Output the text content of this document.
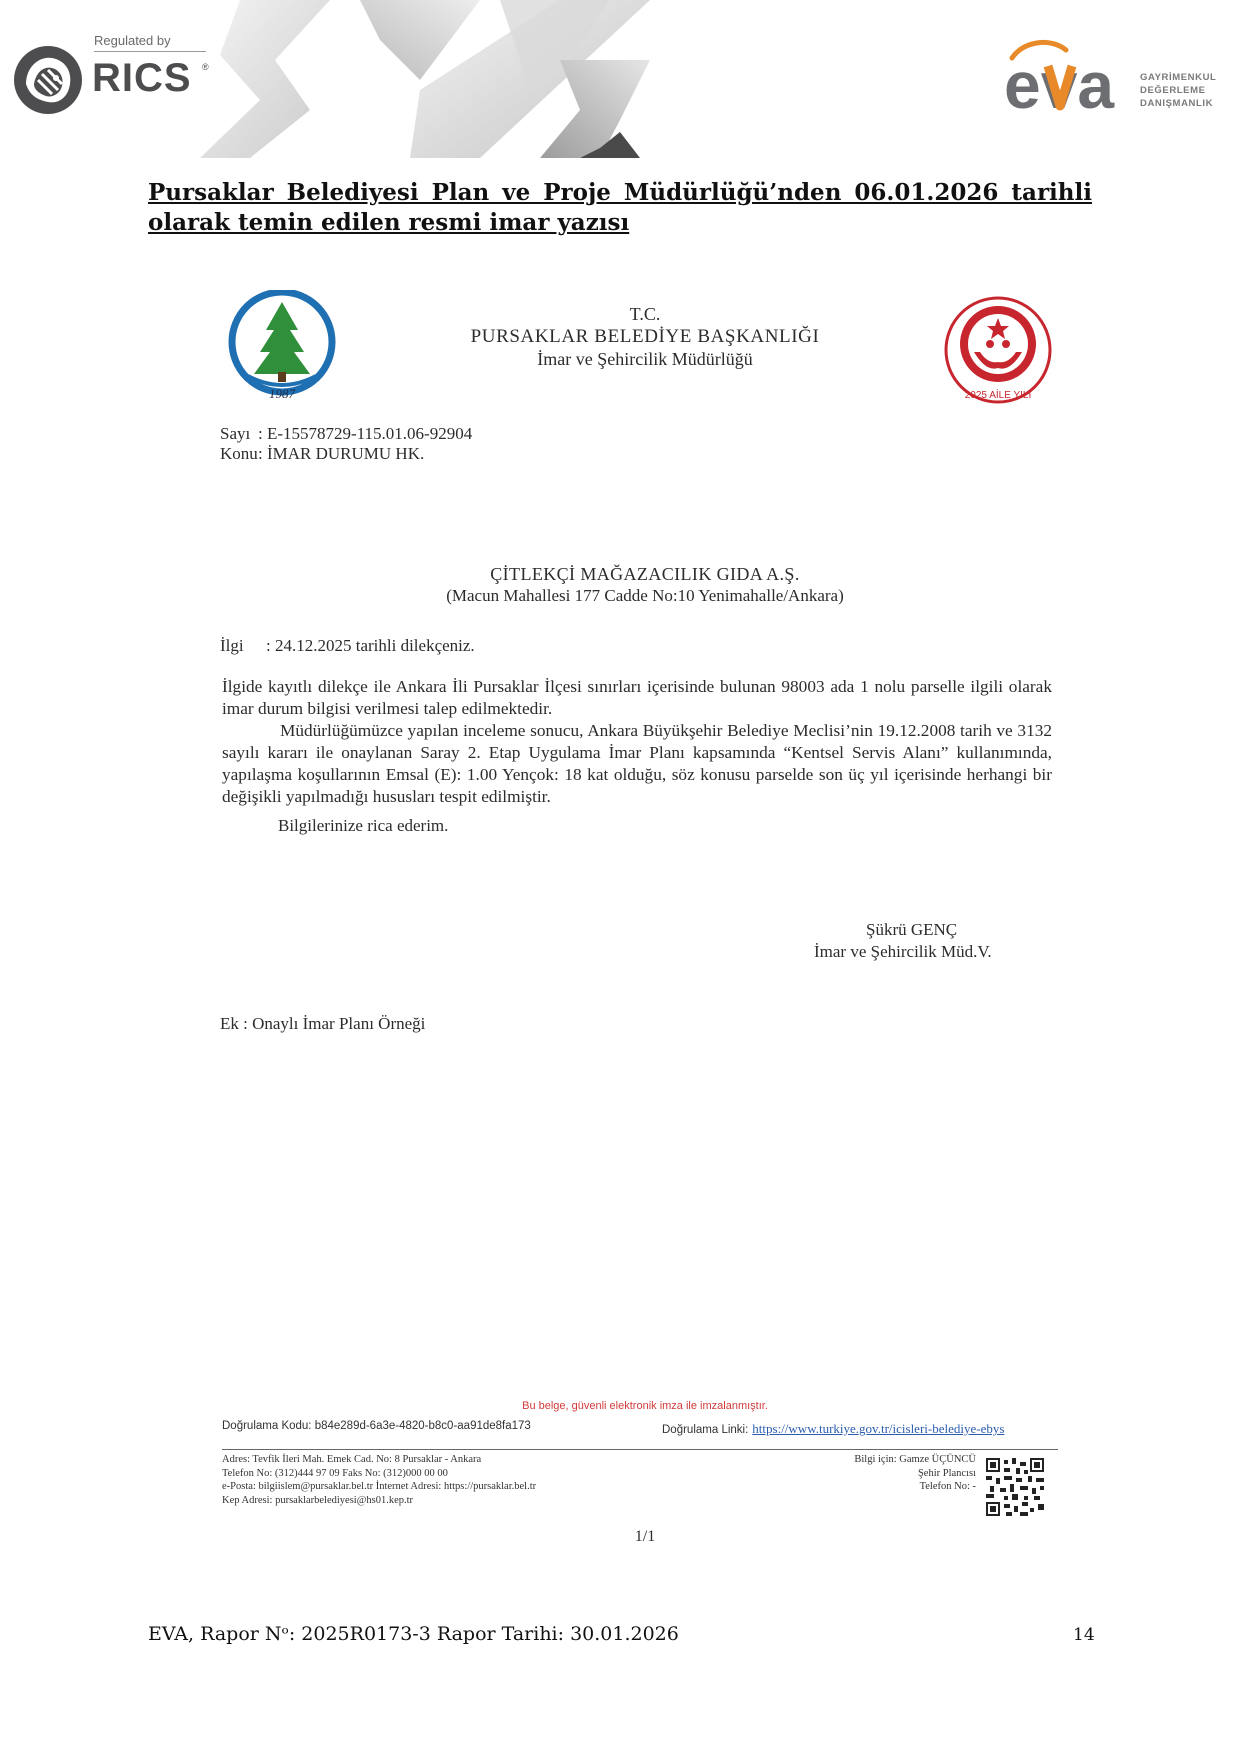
Regulated by
RICS ®	eva	GAYRİMENKUL
DEĞERLEME
DANIŞMANLIK
Pursaklar Belediyesi Plan ve Proje Müdürlüğü’nden 06.01.2026 tarihli olarak temin edilen resmi imar yazısı
1987
T.C.
PURSAKLAR BELEDİYE BAŞKANLIĞI
İmar ve Şehircilik Müdürlüğü
2025 AİLE YILI
Sayı : E-15578729-115.01.06-92904
Konu : İMAR DURUMU HK.
ÇİTLEKÇİ MAĞAZACILIK GIDA A.Ş.
(Macun Mahallesi 177 Cadde No:10 Yenimahalle/Ankara)
İlgi : 24.12.2025 tarihli dilekçeniz.
İlgide kayıtlı dilekçe ile Ankara İli Pursaklar İlçesi sınırları içerisinde bulunan 98003 ada 1 nolu parselle ilgili olarak imar durum bilgisi verilmesi talep edilmektedir.
Müdürlüğümüzce yapılan inceleme sonucu, Ankara Büyükşehir Belediye Meclisi’nin 19.12.2008 tarih ve 3132 sayılı kararı ile onaylanan Saray 2. Etap Uygulama İmar Planı kapsamında “Kentsel Servis Alanı” kullanımında, yapılaşma koşullarının Emsal (E): 1.00 Yençok: 18 kat olduğu, söz konusu parselde son üç yıl içerisinde herhangi bir değişikli yapılmadığı hususları tespit edilmiştir.
Bilgilerinize rica ederim.
Şükrü GENÇ
İmar ve Şehircilik Müd.V.
Ek : Onaylı İmar Planı Örneği
Bu belge, güvenli elektronik imza ile imzalanmıştır.
Doğrulama Kodu: b84e289d-6a3e-4820-b8c0-aa91de8fa173	Doğrulama Linki: https://www.turkiye.gov.tr/icisleri-belediye-ebys
Adres: Tevfik İleri Mah. Emek Cad. No: 8 Pursaklar - Ankara
Telefon No: (312)444 97 09 Faks No: (312)000 00 00
e-Posta: bilgiislem@pursaklar.bel.tr İnternet Adresi: https://pursaklar.bel.tr
Kep Adresi: pursaklarbelediyesi@hs01.kep.tr
Bilgi için: Gamze ÜÇÜNCÜ
Şehir Plancısı
Telefon No: -
1/1
EVA, Rapor Nᵒ: 2025R0173-3 Rapor Tarihi: 30.01.2026	14
